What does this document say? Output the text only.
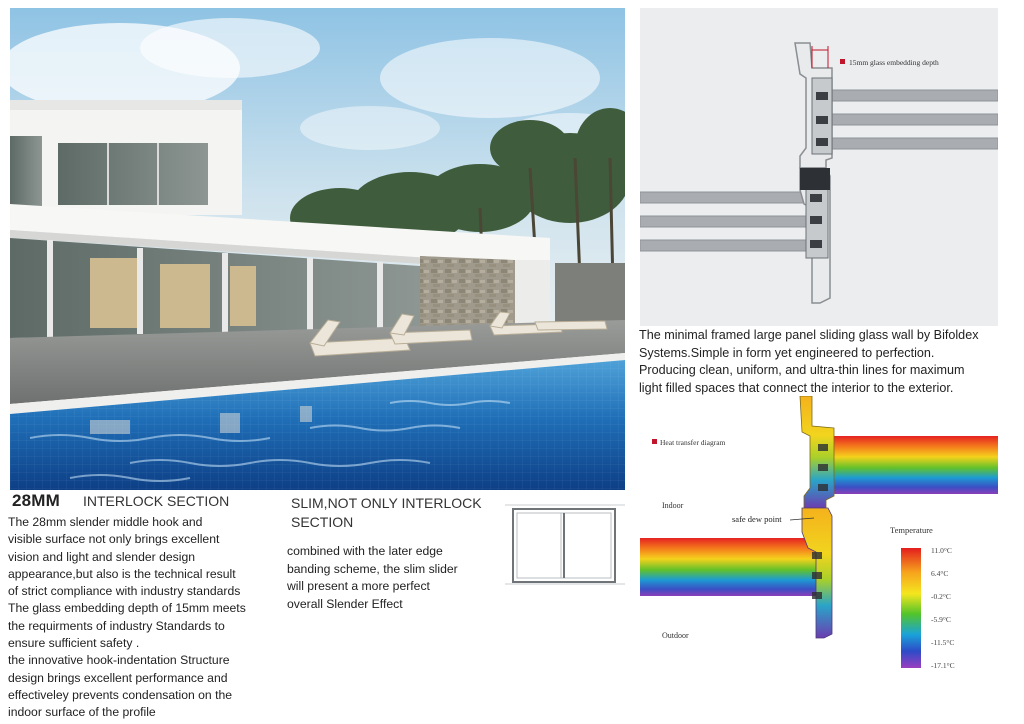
15mm glass embedding depth

The minimal framed large panel sliding glass wall by Bifoldex

Systems.Simple in form yet engineered to perfection.

Producing clean, uniform, and ultra-thin lines for maximum

light filled spaces that connect the interior to the exterior.

Heat transfer diagram
Indoor
Outdoor
safe dew point
Temperature
11.0°C
6.4°C
-0.2°C
-5.9°C
-11.5°C
-17.1°C
28MM INTERLOCK SECTION

The 28mm slender middle hook and

visible surface not only brings excellent

vision and light and slender design

appearance,but also is the technical result

of strict compliance with industry standards

The glass embedding depth of 15mm meets

the requirments of industry Standards to

ensure sufficient safety .

the innovative hook-indentation Structure

design brings excellent performance and

effectiveley prevents condensation on the

indoor surface of the profile

SLIM,NOT ONLY INTERLOCK
SECTION

combined with the later edge

banding scheme, the slim slider

will present a more perfect

overall Slender Effect
